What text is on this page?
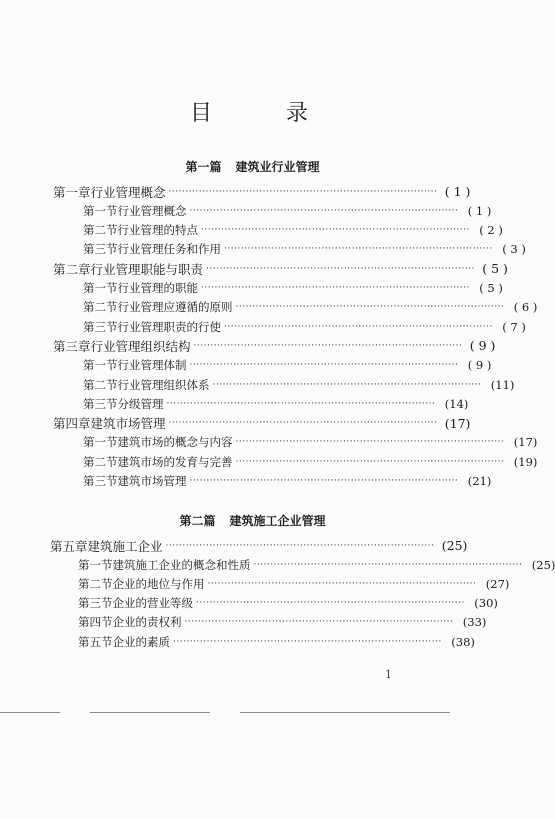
目	录
第一篇 建筑业行业管理
第一章 行业管理概念 ················································································ ( 1 )
第一节 行业管理概念 ················································································ ( 1 )
第二节 行业管理的特点 ················································································ ( 2 )
第三节 行业管理任务和作用 ················································································ ( 3 )
第二章 行业管理职能与职责 ················································································ ( 5 )
第一节 行业管理的职能 ················································································ ( 5 )
第二节 行业管理应遵循的原则 ················································································ ( 6 )
第三节 行业管理职责的行使 ················································································ ( 7 )
第三章 行业管理组织结构 ················································································ ( 9 )
第一节 行业管理体制 ················································································ ( 9 )
第二节 行业管理组织体系 ················································································ (11)
第三节 分级管理 ················································································ (14)
第四章 建筑市场管理 ················································································ (17)
第一节 建筑市场的概念与内容 ················································································ (17)
第二节 建筑市场的发育与完善 ················································································ (19)
第三节 建筑市场管理 ················································································ (21)
第二篇 建筑施工企业管理
第五章 建筑施工企业 ················································································ (25)
第一节 建筑施工企业的概念和性质 ················································································ (25)
第二节 企业的地位与作用 ················································································ (27)
第三节 企业的营业等级 ················································································ (30)
第四节 企业的责权利 ················································································ (33)
第五节 企业的素质 ················································································ (38)
1
